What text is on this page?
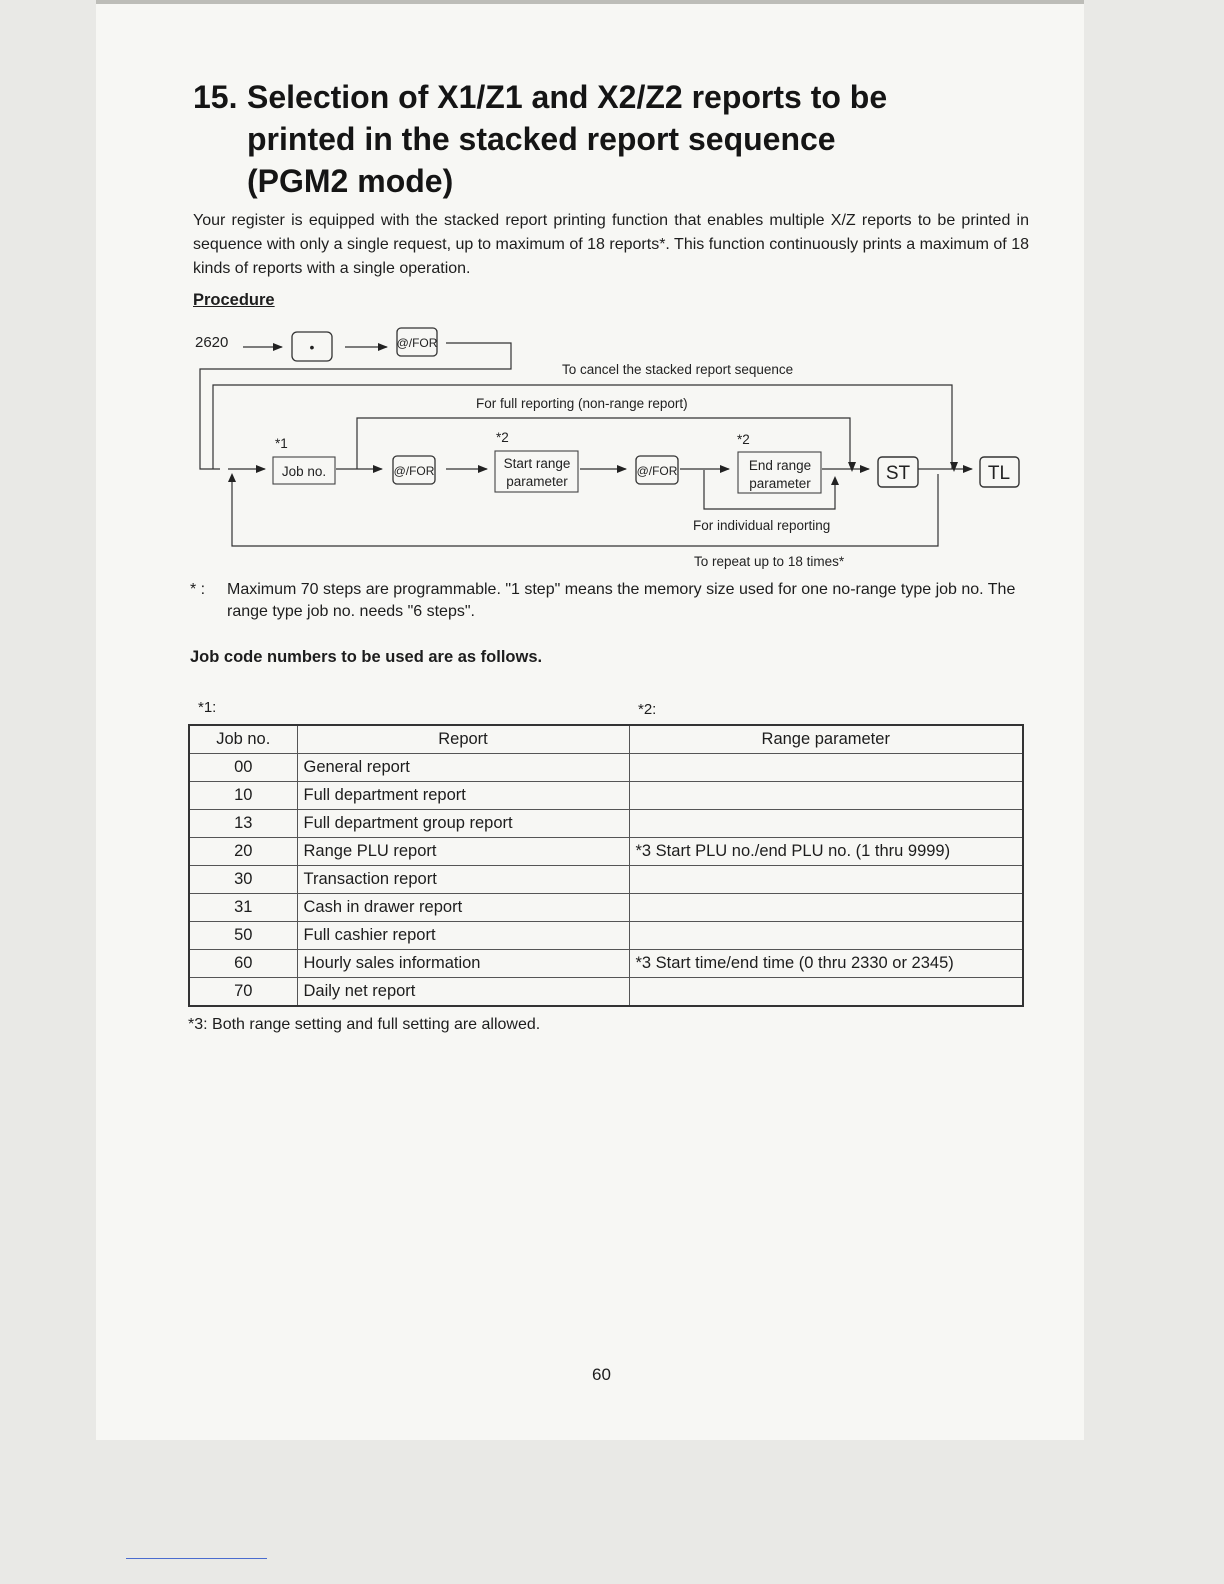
15. Selection of X1/Z1 and X2/Z2 reports to be
printed in the stacked report sequence
(PGM2 mode)
Your register is equipped with the stacked report printing function that enables multiple X/Z reports to be printed in sequence with only a single request, up to maximum of 18 reports*. This function continuously prints a maximum of 18 kinds of reports with a single operation.
Procedure
2620	•	@/FOR
To cancel the stacked report sequence
For full reporting (non-range report)
*1	*2	*2
Job no.	@/FOR	@/FOR
Start range
parameter
End range
parameter	ST	TL
For individual reporting
To repeat up to 18 times*
* : Maximum 70 steps are programmable. "1 step" means the memory size used for one no-range type job no. The range type job no. needs "6 steps".
Job code numbers to be used are as follows.
*1:	*2:
Job no.	Report	Range parameter
00	General report	
10	Full department report	
13	Full department group report	
20	Range PLU report	*3 Start PLU no./end PLU no. (1 thru 9999)
30	Transaction report	
31	Cash in drawer report	
50	Full cashier report	
60	Hourly sales information	*3 Start time/end time (0 thru 2330 or 2345)
70	Daily net report	
*3: Both range setting and full setting are allowed.
60
